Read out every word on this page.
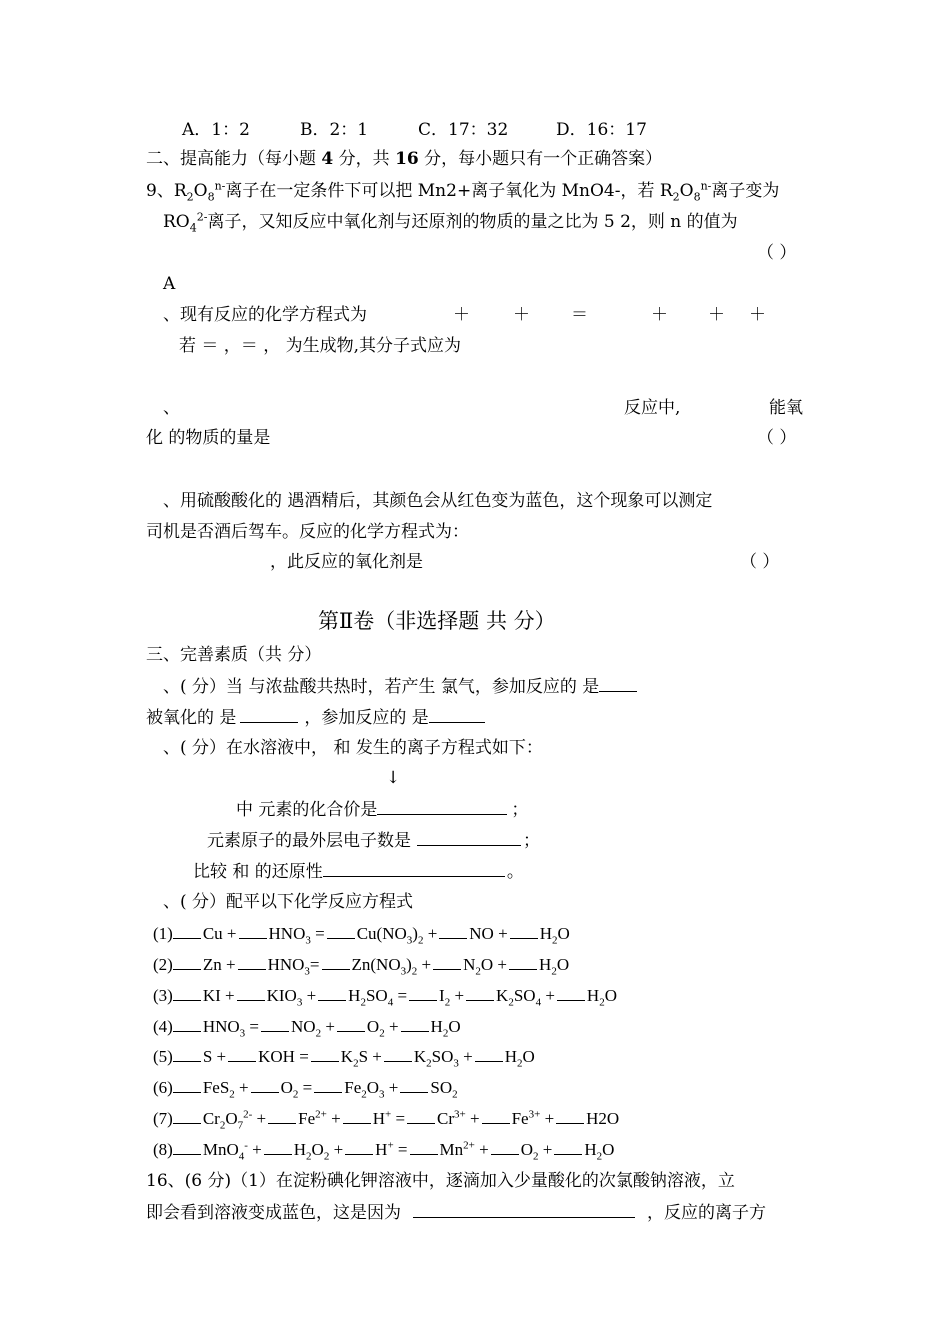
A．1：2	B．2：1	C．17：32	D．16：17
二、提高能力（每小题 4 分，共 16 分，每小题只有一个正确答案）
9、$R_2O_8^{n-}$离子在一定条件下可以把 Mn2+离子氧化为 MnO4-，若 $R_2O_8^{n-}$离子变为
$RO_4^{2-}$离子，又知反应中氧化剂与还原剂的物质的量之比为 5 2，则 n 的值为
（ ）
A
、现有反应的化学方程式为	＋	＋ ＝	＋ ＋ ＋
若 ＝ ，＝ ， 为生成物,其分子式应为
、	反应中,	能氧
化 的物质的量是	（ ）
、用硫酸酸化的 遇酒精后，其颜色会从红色变为蓝色，这个现象可以测定
司机是否酒后驾车。反应的化学方程式为：
，此反应的氧化剂是	（ ）
第Ⅱ卷（非选择题 共 分）
三、完善素质（共 分）
、( 分）当 与浓盐酸共热时，若产生 氯气，参加反应的 是
被氧化的 是	，参加反应的 是
、( 分）在水溶液中， 和 发生的离子方程式如下：
↓
中 元素的化合价是	；
元素原子的最外层电子数是	；
比较 和 的还原性	。
、( 分）配平以下化学反应方程式
(1) $Cu + HNO_3 = Cu(NO_3)_2$ + NO + $H_2O$
(2) $Zn + HNO_3= Zn(NO_3)_2 + N_2O + H_2O$
(3) KI + $KIO_3 + H_2SO_4 = I_2 + K_2SO_4 + H_2O$
(4) $HNO_3 = NO_2 + O_2 + H_2O$
(5) S + KOH = $K_2S + K_2SO_3 + H_2O$
(6) $FeS_2 + O_2 = Fe_2O_3 + SO_2$
(7) $Cr_2O_7^{2-} + Fe^{2+} + H^+ = Cr^{3+} + Fe^{3+} + H2O$
(8) $MnO_4^- + H_2O_2 + H^+ = Mn^{2+} + O_2 + H_2O$
16、(6 分)（1）在淀粉碘化钾溶液中，逐滴加入少量酸化的次氯酸钠溶液，立
即会看到溶液变成蓝色，这是因为	，反应的离子方
